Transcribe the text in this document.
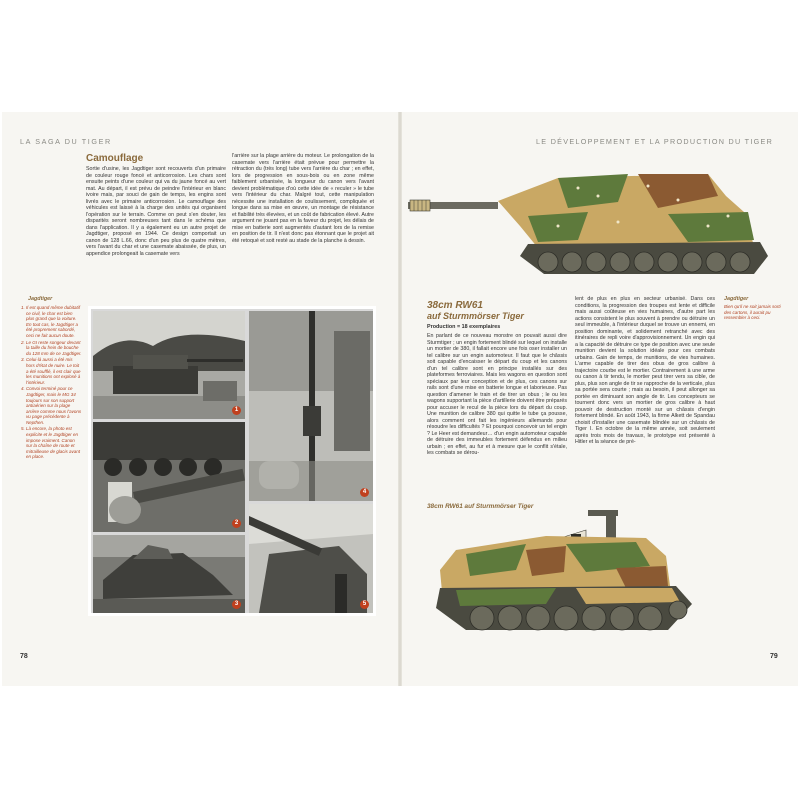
LA SAGA DU TIGER
Camouflage

Sortie d'usine, les Jagdtiger sont recouverts d'un primaire de couleur rouge foncé et anticorrosion. Les chars sont ensuite peints d'une couleur qui va du jaune foncé au vert mat. Au départ, il est prévu de peindre l'intérieur en blanc ivoire mais, par souci de gain de temps, les engins sont livrés avec le primaire anticorrosion. Le camouflage des véhicules est laissé à la charge des unités qui organisent l'opération sur le terrain. Comme on peut s'en douter, les disparités seront nombreuses tant dans le schéma que dans l'application. Il y a également eu un autre projet de Jagdtiger, proposé en 1944. Ce design comportait un canon de 128 L.66, donc d'un peu plus de quatre mètres, vers l'avant du char et une casemate abaissée, de plus, un appendice prolongeait la casemate vers

l'arrière sur la plage arrière du moteur. Le prolongation de la casemate vers l'arrière était prévue pour permettre la rétraction du (très long) tube vers l'arrière du char ; en effet, lors de progression en sous-bois ou en zone même faiblement urbanisée, la longueur du canon vers l'avant devient problématique d'où cette idée de « reculer » le tube vers l'intérieur du char. Malgré tout, cette manipulation nécessite une installation de coulissement, compliquée et longue dans sa mise en œuvre, un montage de résistance et fiabilité très élevées, et un coût de fabrication élevé. Autre argument ne jouant pas en la faveur du projet, les délais de mise en batterie sont augmentés d'autant lors de la remise en position de tir. Il n'est donc pas étonnant que le projet ait été retoqué et soit resté au stade de la planche à dessin.

Jagdtiger
1. Il est quand même dubitatif ce civil, le char est bien plus grand que la voiture. En tout cas, le Jagdtiger a été proprement sabordé, ceci ne fait aucun doute.
2. Le GI reste songeur devant la taille du frein de bouche du 128 mm de ce Jagdtiger.
3. Celui-là aussi a été mis hors d'état de nuire. Le toit a été soufflé, il est clair que les munitions ont explosé à l'intérieur.
4. Convoi terminé pour ce Jagdtiger, mais le MG 34 toujours sur son support antiaérien sur la plage arrière comme nous l'avons vu page précédente à Nepthen.
5. Là encore, la photo est explicite et le Jagdtiger en impose vraiment. Canon sur la chaîne de route et mitrailleuse de glacis avant en place.
1
4
2
3	5
78
LE DÉVELOPPEMENT ET LA PRODUCTION DU TIGER
38cm RW61
auf Sturmmörser Tiger
Production = 18 exemplaires

En parlant de ce nouveau monstre on pouvait aussi dire Sturmtiger ; un engin fortement blindé sur lequel on installe un mortier de 380, il fallait encore une fois oser installer un tel calibre sur un engin automoteur. Il faut que le châssis soit capable d'encaisser le départ du coup et les canons d'un tel calibre sont en principe installés sur des plateformes ferroviaires. Mais les wagons en question sont spéciaux par leur conception et de plus, ces canons sur rails sont d'une mise en batterie longue et laborieuse. Pas question d'amener le train et de tirer un obus ; le ou les wagons supportant la pièce d'artillerie doivent être préparés pour accuser le recul de la pièce lors du départ du coup. Une munition de calibre 380 qui quitte le tube ça pousse, alors comment ont fait les ingénieurs allemands pour résoudre les difficultés ? Et pourquoi concevoir un tel engin ? Le Heer est demandeur… d'un engin automoteur capable de détruire des immeubles fortement défendus en milieu urbain ; en effet, au fur et à mesure que le conflit s'étale, les combats se dérou-

lent de plus en plus en secteur urbanisé. Dans ces conditions, la progression des troupes est lente et difficile mais aussi coûteuse en vies humaines, d'autre part les actions consistent le plus souvent à prendre ou détruire un seul immeuble, à l'intérieur duquel se trouve un ennemi, en position dominante, et solidement retranché avec des itinéraires de repli voire d'approvisionnement. Un engin qui a la capacité de détruire ce type de position avec une seule munition devient la solution idéale pour ces combats urbains. Gain de temps, de munitions, de vies humaines. L'arme capable de tirer des obus de gros calibre à trajectoire courbe est le mortier. Contrairement à une arme ou canon à tir tendu, le mortier peut tirer vers sa cible, de plus, plus son angle de tir se rapproche de la verticale, plus sa portée sera courte ; mais au besoin, il peut allonger sa portée en diminuant son angle de tir. Les concepteurs se tournent donc vers un mortier de gros calibre à haut pouvoir de destruction monté sur un châssis d'engin fortement blindé. En août 1943, la firme Alkett de Spandau choisit d'installer une casemate blindée sur un châssis de Tiger I. En octobre de la même année, soit seulement après trois mois de travaux, le prototype est présenté à Hitler et la séance de pré-

Jagdtiger
Bien qu'il ne soit jamais sorti des cartons, il aurait pu ressembler à ceci.
38cm RW61 auf Sturmmörser Tiger
79
